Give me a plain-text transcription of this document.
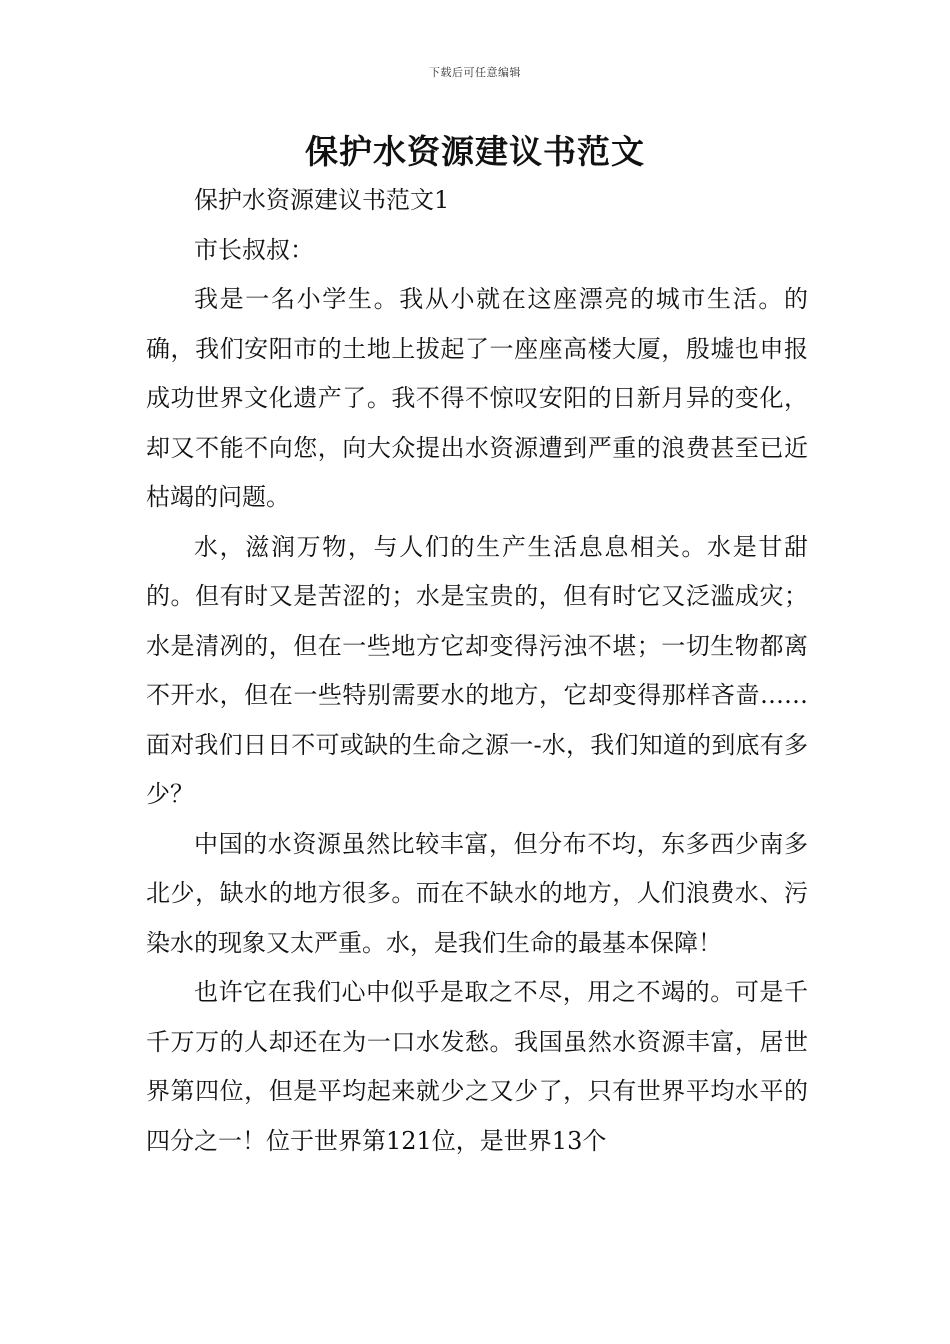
下载后可任意编辑
保护水资源建议书范文

保护水资源建议书范文1

市长叔叔：

我是一名小学生。我从小就在这座漂亮的城市生活。的确，我们安阳市的土地上拔起了一座座高楼大厦，殷墟也申报成功世界文化遗产了。我不得不惊叹安阳的日新月异的变化，却又不能不向您，向大众提出水资源遭到严重的浪费甚至已近枯竭的问题。

水，滋润万物，与人们的生产生活息息相关。水是甘甜的。但有时又是苦涩的；水是宝贵的，但有时它又泛滥成灾；水是清冽的，但在一些地方它却变得污浊不堪；一切生物都离不开水，但在一些特别需要水的地方，它却变得那样吝啬……面对我们日日不可或缺的生命之源一-水，我们知道的到底有多少？

中国的水资源虽然比较丰富，但分布不均，东多西少南多北少，缺水的地方很多。而在不缺水的地方，人们浪费水、污染水的现象又太严重。水，是我们生命的最基本保障！

也许它在我们心中似乎是取之不尽，用之不竭的。可是千千万万的人却还在为一口水发愁。我国虽然水资源丰富，居世界第四位，但是平均起来就少之又少了，只有世界平均水平的四分之一！位于世界第121位，是世界13个
